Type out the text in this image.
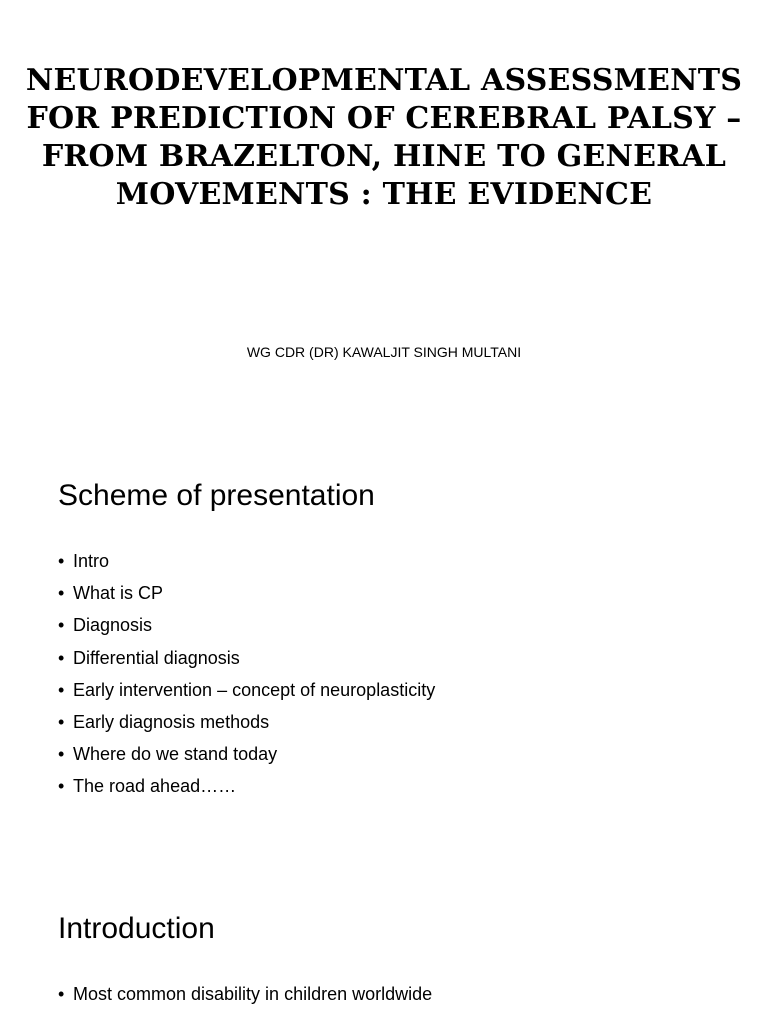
NEURODEVELOPMENTAL ASSESSMENTS
FOR PREDICTION OF CEREBRAL PALSY –
FROM BRAZELTON, HINE TO GENERAL
MOVEMENTS : THE EVIDENCE

WG CDR (DR) KAWALJIT SINGH MULTANI

Scheme of presentation
• Intro
• What is CP
• Diagnosis
• Differential diagnosis
• Early intervention – concept of neuroplasticity
• Early diagnosis methods
• Where do we stand today
• The road ahead……
Introduction
• Most common disability in children worldwide
